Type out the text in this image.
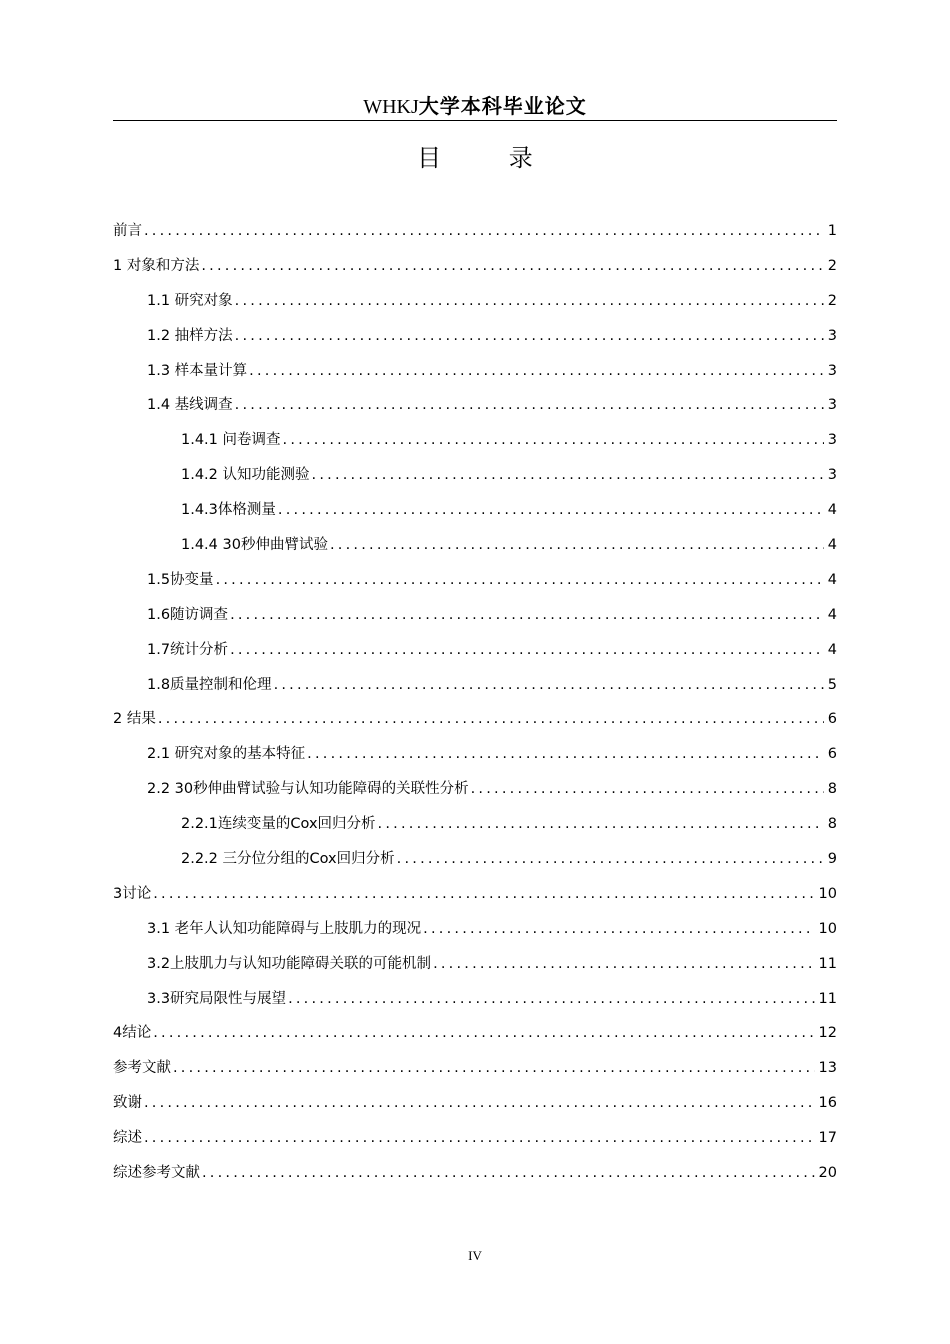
WHKJ大学本科毕业论文
目 录
前言 .....	1
1 对象和方法 .....	2
1.1 研究对象 .....	2
1.2 抽样方法 .....	3
1.3 样本量计算 .....	3
1.4 基线调查 .....	3
1.4.1 问卷调查 .....	3
1.4.2 认知功能测验 .....	3
1.4.3体格测量 .....	4
1.4.4 30秒伸曲臂试验 .....	4
1.5协变量 .....	4
1.6随访调查 .....	4
1.7统计分析 .....	4
1.8质量控制和伦理 .....	5
2 结果 .....	6
2.1 研究对象的基本特征 .....	6
2.2 30秒伸曲臂试验与认知功能障碍的关联性分析 .....	8
2.2.1连续变量的Cox回归分析 .....	8
2.2.2 三分位分组的Cox回归分析 .....	9
3讨论 .....	10
3.1 老年人认知功能障碍与上肢肌力的现况 .....	10
3.2上肢肌力与认知功能障碍关联的可能机制 .....	11
3.3研究局限性与展望 .....	11
4结论 .....	12
参考文献 .....	13
致谢 .....	16
综述 .....	17
综述参考文献 .....	20
IV
